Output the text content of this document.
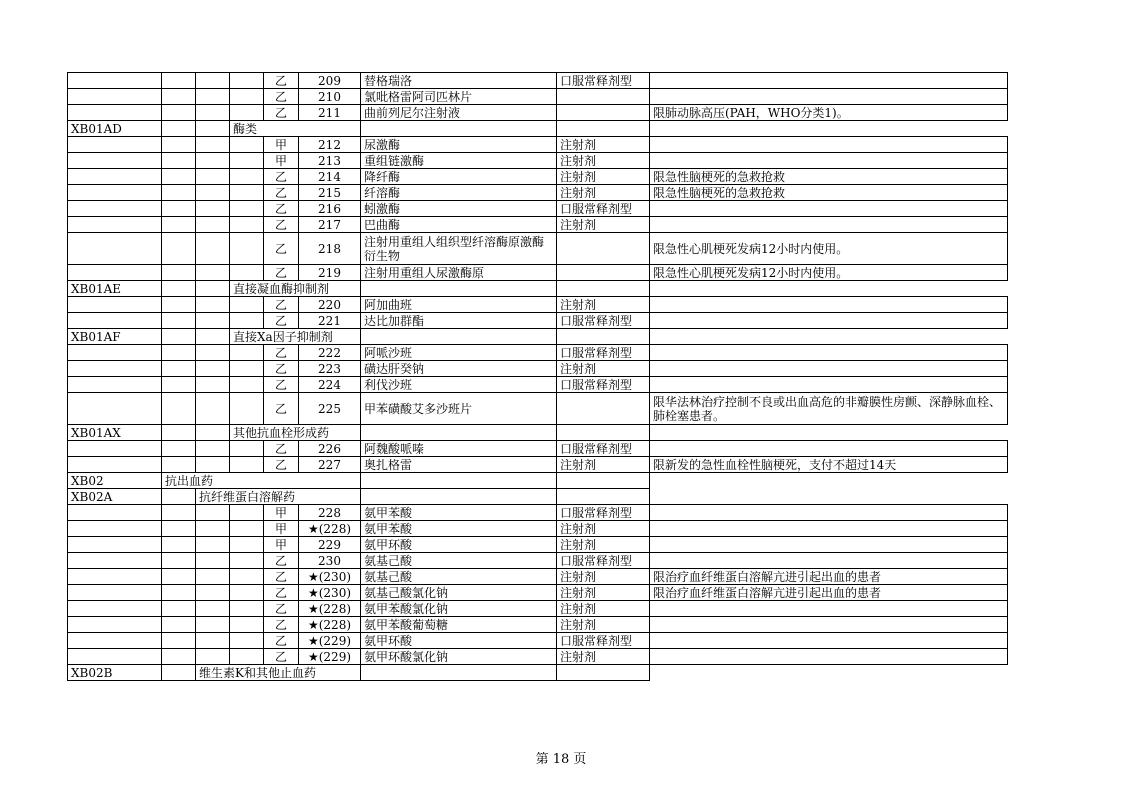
				乙	209	替格瑞洛	口服常释剂型	
				乙	210	氯吡格雷阿司匹林片		
				乙	211	曲前列尼尔注射液		限肺动脉高压(PAH，WHO分类1)。
XB01AD			酶类					
				甲	212	尿激酶	注射剂	
				甲	213	重组链激酶	注射剂	
				乙	214	降纤酶	注射剂	限急性脑梗死的急救抢救
				乙	215	纤溶酶	注射剂	限急性脑梗死的急救抢救
				乙	216	蚓激酶	口服常释剂型	
				乙	217	巴曲酶	注射剂	
				乙	218	注射用重组人组织型纤溶酶原激酶衍生物		限急性心肌梗死发病12小时内使用。
				乙	219	注射用重组人尿激酶原		限急性心肌梗死发病12小时内使用。
XB01AE			直接凝血酶抑制剂					
				乙	220	阿加曲班	注射剂	
				乙	221	达比加群酯	口服常释剂型	
XB01AF			直接Xa因子抑制剂					
				乙	222	阿哌沙班	口服常释剂型	
				乙	223	磺达肝癸钠	注射剂	
				乙	224	利伐沙班	口服常释剂型	
				乙	225	甲苯磺酸艾多沙班片		限华法林治疗控制不良或出血高危的非瓣膜性房颤、深静脉血栓、肺栓塞患者。
XB01AX			其他抗血栓形成药					
				乙	226	阿魏酸哌嗪	口服常释剂型	
				乙	227	奥扎格雷	注射剂	限新发的急性血栓性脑梗死，支付不超过14天
XB02	抗出血药							
XB02A		抗纤维蛋白溶解药						
				甲	228	氨甲苯酸	口服常释剂型	
				甲	★(228)	氨甲苯酸	注射剂	
				甲	229	氨甲环酸	注射剂	
				乙	230	氨基己酸	口服常释剂型	
				乙	★(230)	氨基己酸	注射剂	限治疗血纤维蛋白溶解亢进引起出血的患者
				乙	★(230)	氨基己酸氯化钠	注射剂	限治疗血纤维蛋白溶解亢进引起出血的患者
				乙	★(228)	氨甲苯酸氯化钠	注射剂	
				乙	★(228)	氨甲苯酸葡萄糖	注射剂	
				乙	★(229)	氨甲环酸	口服常释剂型	
				乙	★(229)	氨甲环酸氯化钠	注射剂	
XB02B		维生素K和其他止血药						
第 18 页
